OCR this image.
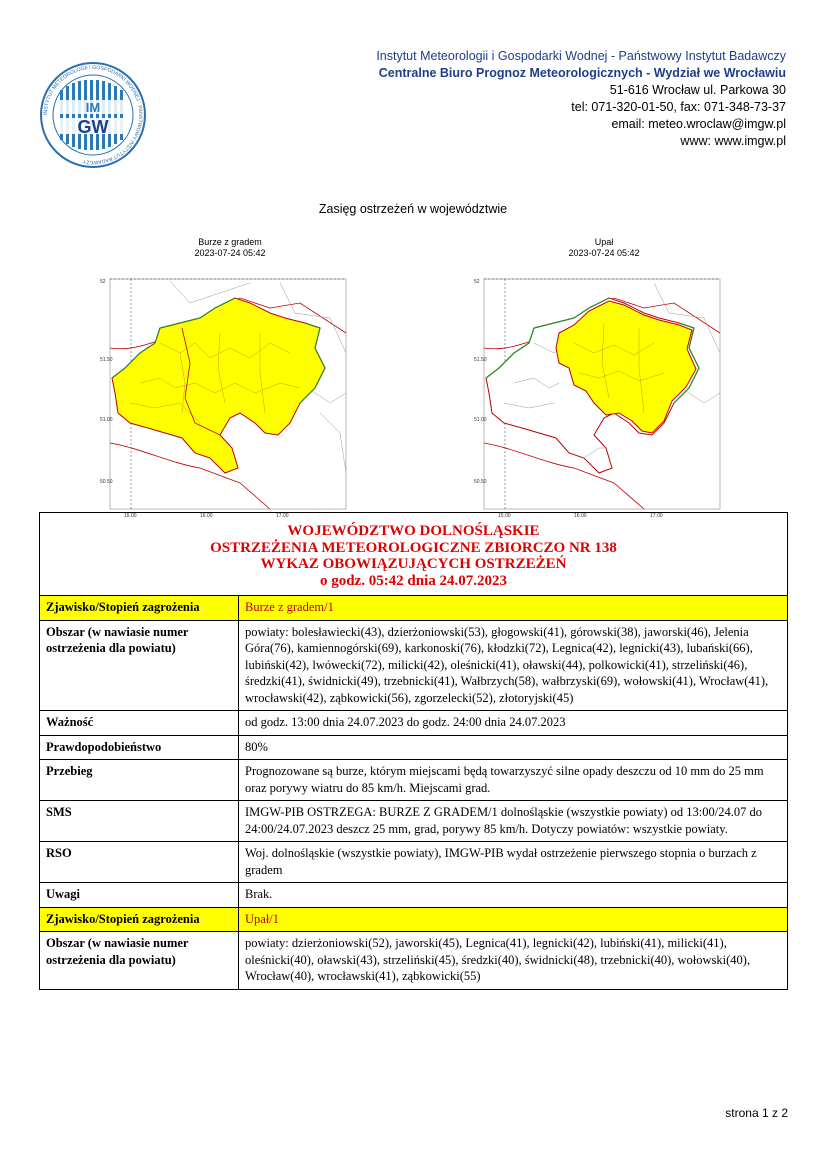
INSTYTUT METEOROLOGII I GOSPODARKI WODNEJ · PAŃSTWOWY INSTYTUT BADAWCZY
IM
GW
Instytut Meteorologii i Gospodarki Wodnej - Państwowy Instytut Badawczy
Centralne Biuro Prognoz Meteorologicznych - Wydział we Wrocławiu
51-616 Wrocław ul. Parkowa 30
tel: 071-320-01-50, fax: 071-348-73-37
email: meteo.wroclaw@imgw.pl
www: www.imgw.pl
Zasięg ostrzeżeń w województwie
Burze z gradem
2023-07-24 05:42
52
51.50
51.00
50.50
15.00	16.00	17.00
Upał
2023-07-24 05:42
52
51.50
51.00
50.50
15.00	16.00	17.00
WOJEWÓDZTWO DOLNOŚLĄSKIE
OSTRZEŻENIA METEOROLOGICZNE ZBIORCZO NR 138
WYKAZ OBOWIĄZUJĄCYCH OSTRZEŻEŃ
o godz. 05:42 dnia 24.07.2023	

Zjawisko/Stopień zagrożenia	Burze z gradem/1
Obszar (w nawiasie numer ostrzeżenia dla powiatu)	powiaty: bolesławiecki(43), dzierżoniowski(53), głogowski(41), górowski(38), jaworski(46), Jelenia Góra(76), kamiennogórski(69), karkonoski(76), kłodzki(72), Legnica(42), legnicki(43), lubański(66), lubiński(42), lwówecki(72), milicki(42), oleśnicki(41), oławski(44), polkowicki(41), strzeliński(46), średzki(41), świdnicki(49), trzebnicki(41), Wałbrzych(58), wałbrzyski(69), wołowski(41), Wrocław(41), wrocławski(42), ząbkowicki(56), zgorzelecki(52), złotoryjski(45)
Ważność	od godz. 13:00 dnia 24.07.2023 do godz. 24:00 dnia 24.07.2023
Prawdopodobieństwo	80%
Przebieg	Prognozowane są burze, którym miejscami będą towarzyszyć silne opady deszczu od 10 mm do 25 mm oraz porywy wiatru do 85 km/h. Miejscami grad.
SMS	IMGW-PIB OSTRZEGA: BURZE Z GRADEM/1 dolnośląskie (wszystkie powiaty) od 13:00/24.07 do 24:00/24.07.2023 deszcz 25 mm, grad, porywy 85 km/h. Dotyczy powiatów: wszystkie powiaty.
RSO	Woj. dolnośląskie (wszystkie powiaty), IMGW-PIB wydał ostrzeżenie pierwszego stopnia o burzach z gradem
Uwagi	Brak.
Zjawisko/Stopień zagrożenia	Upał/1
Obszar (w nawiasie numer ostrzeżenia dla powiatu)	powiaty: dzierżoniowski(52), jaworski(45), Legnica(41), legnicki(42), lubiński(41), milicki(41), oleśnicki(40), oławski(43), strzeliński(45), średzki(40), świdnicki(48), trzebnicki(40), wołowski(40), Wrocław(40), wrocławski(41), ząbkowicki(55)
strona 1 z 2
